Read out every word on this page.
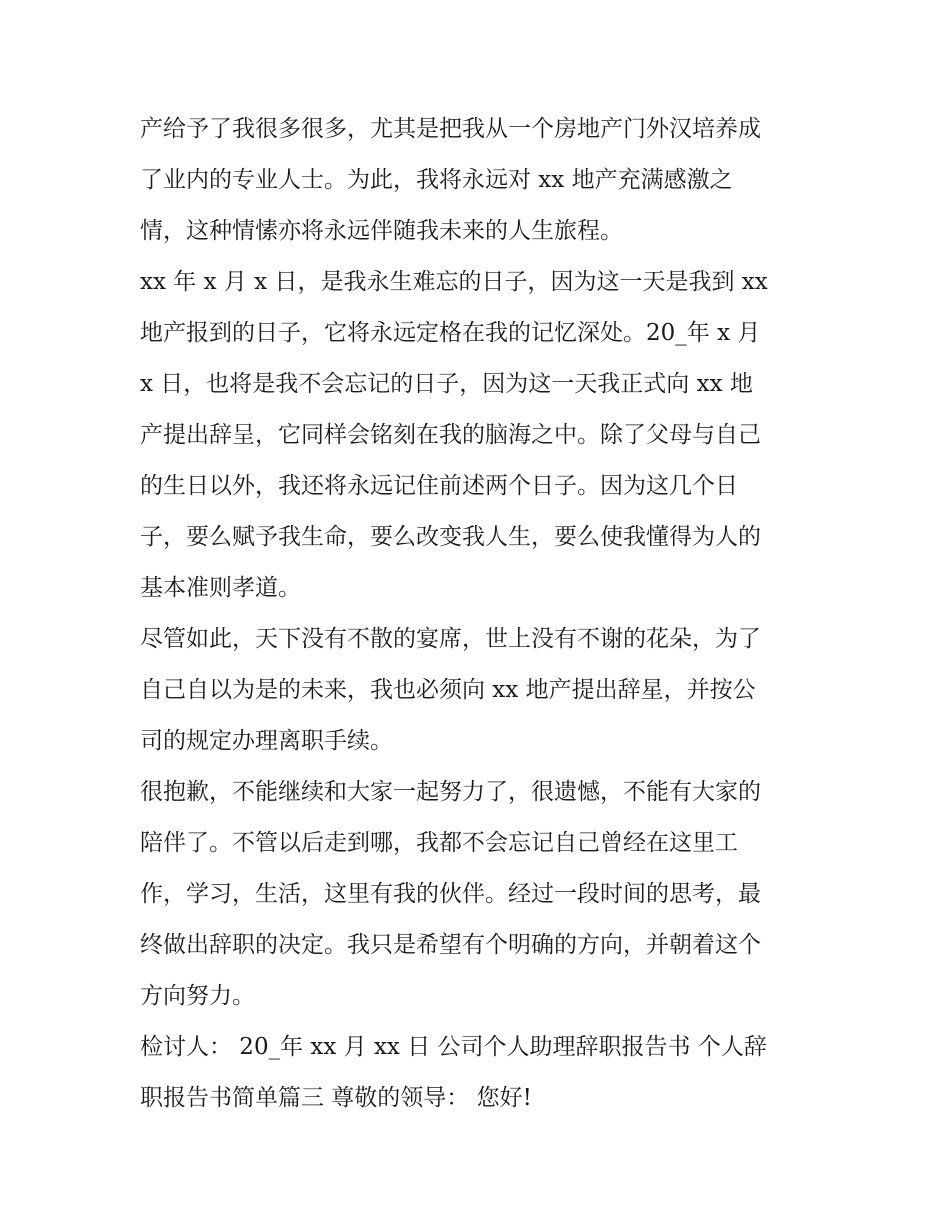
产给予了我很多很多，尤其是把我从一个房地产门外汉培养成
了业内的专业人士。为此，我将永远对 xx 地产充满感激之
情，这种情愫亦将永远伴随我未来的人生旅程。
xx 年 x 月 x 日，是我永生难忘的日子，因为这一天是我到 xx
地产报到的日子，它将永远定格在我的记忆深处。20_年 x 月
x 日，也将是我不会忘记的日子，因为这一天我正式向 xx 地
产提出辞呈，它同样会铭刻在我的脑海之中。除了父母与自己
的生日以外，我还将永远记住前述两个日子。因为这几个日
子，要么赋予我生命，要么改变我人生，要么使我懂得为人的
基本准则孝道。
尽管如此，天下没有不散的宴席，世上没有不谢的花朵，为了
自己自以为是的未来，我也必须向 xx 地产提出辞星，并按公
司的规定办理离职手续。
很抱歉，不能继续和大家一起努力了，很遗憾，不能有大家的
陪伴了。不管以后走到哪，我都不会忘记自己曾经在这里工
作，学习，生活，这里有我的伙伴。经过一段时间的思考，最
终做出辞职的决定。我只是希望有个明确的方向，并朝着这个
方向努力。
检讨人： 20_年 xx 月 xx 日 公司个人助理辞职报告书 个人辞
职报告书简单篇三 尊敬的领导： 您好!
